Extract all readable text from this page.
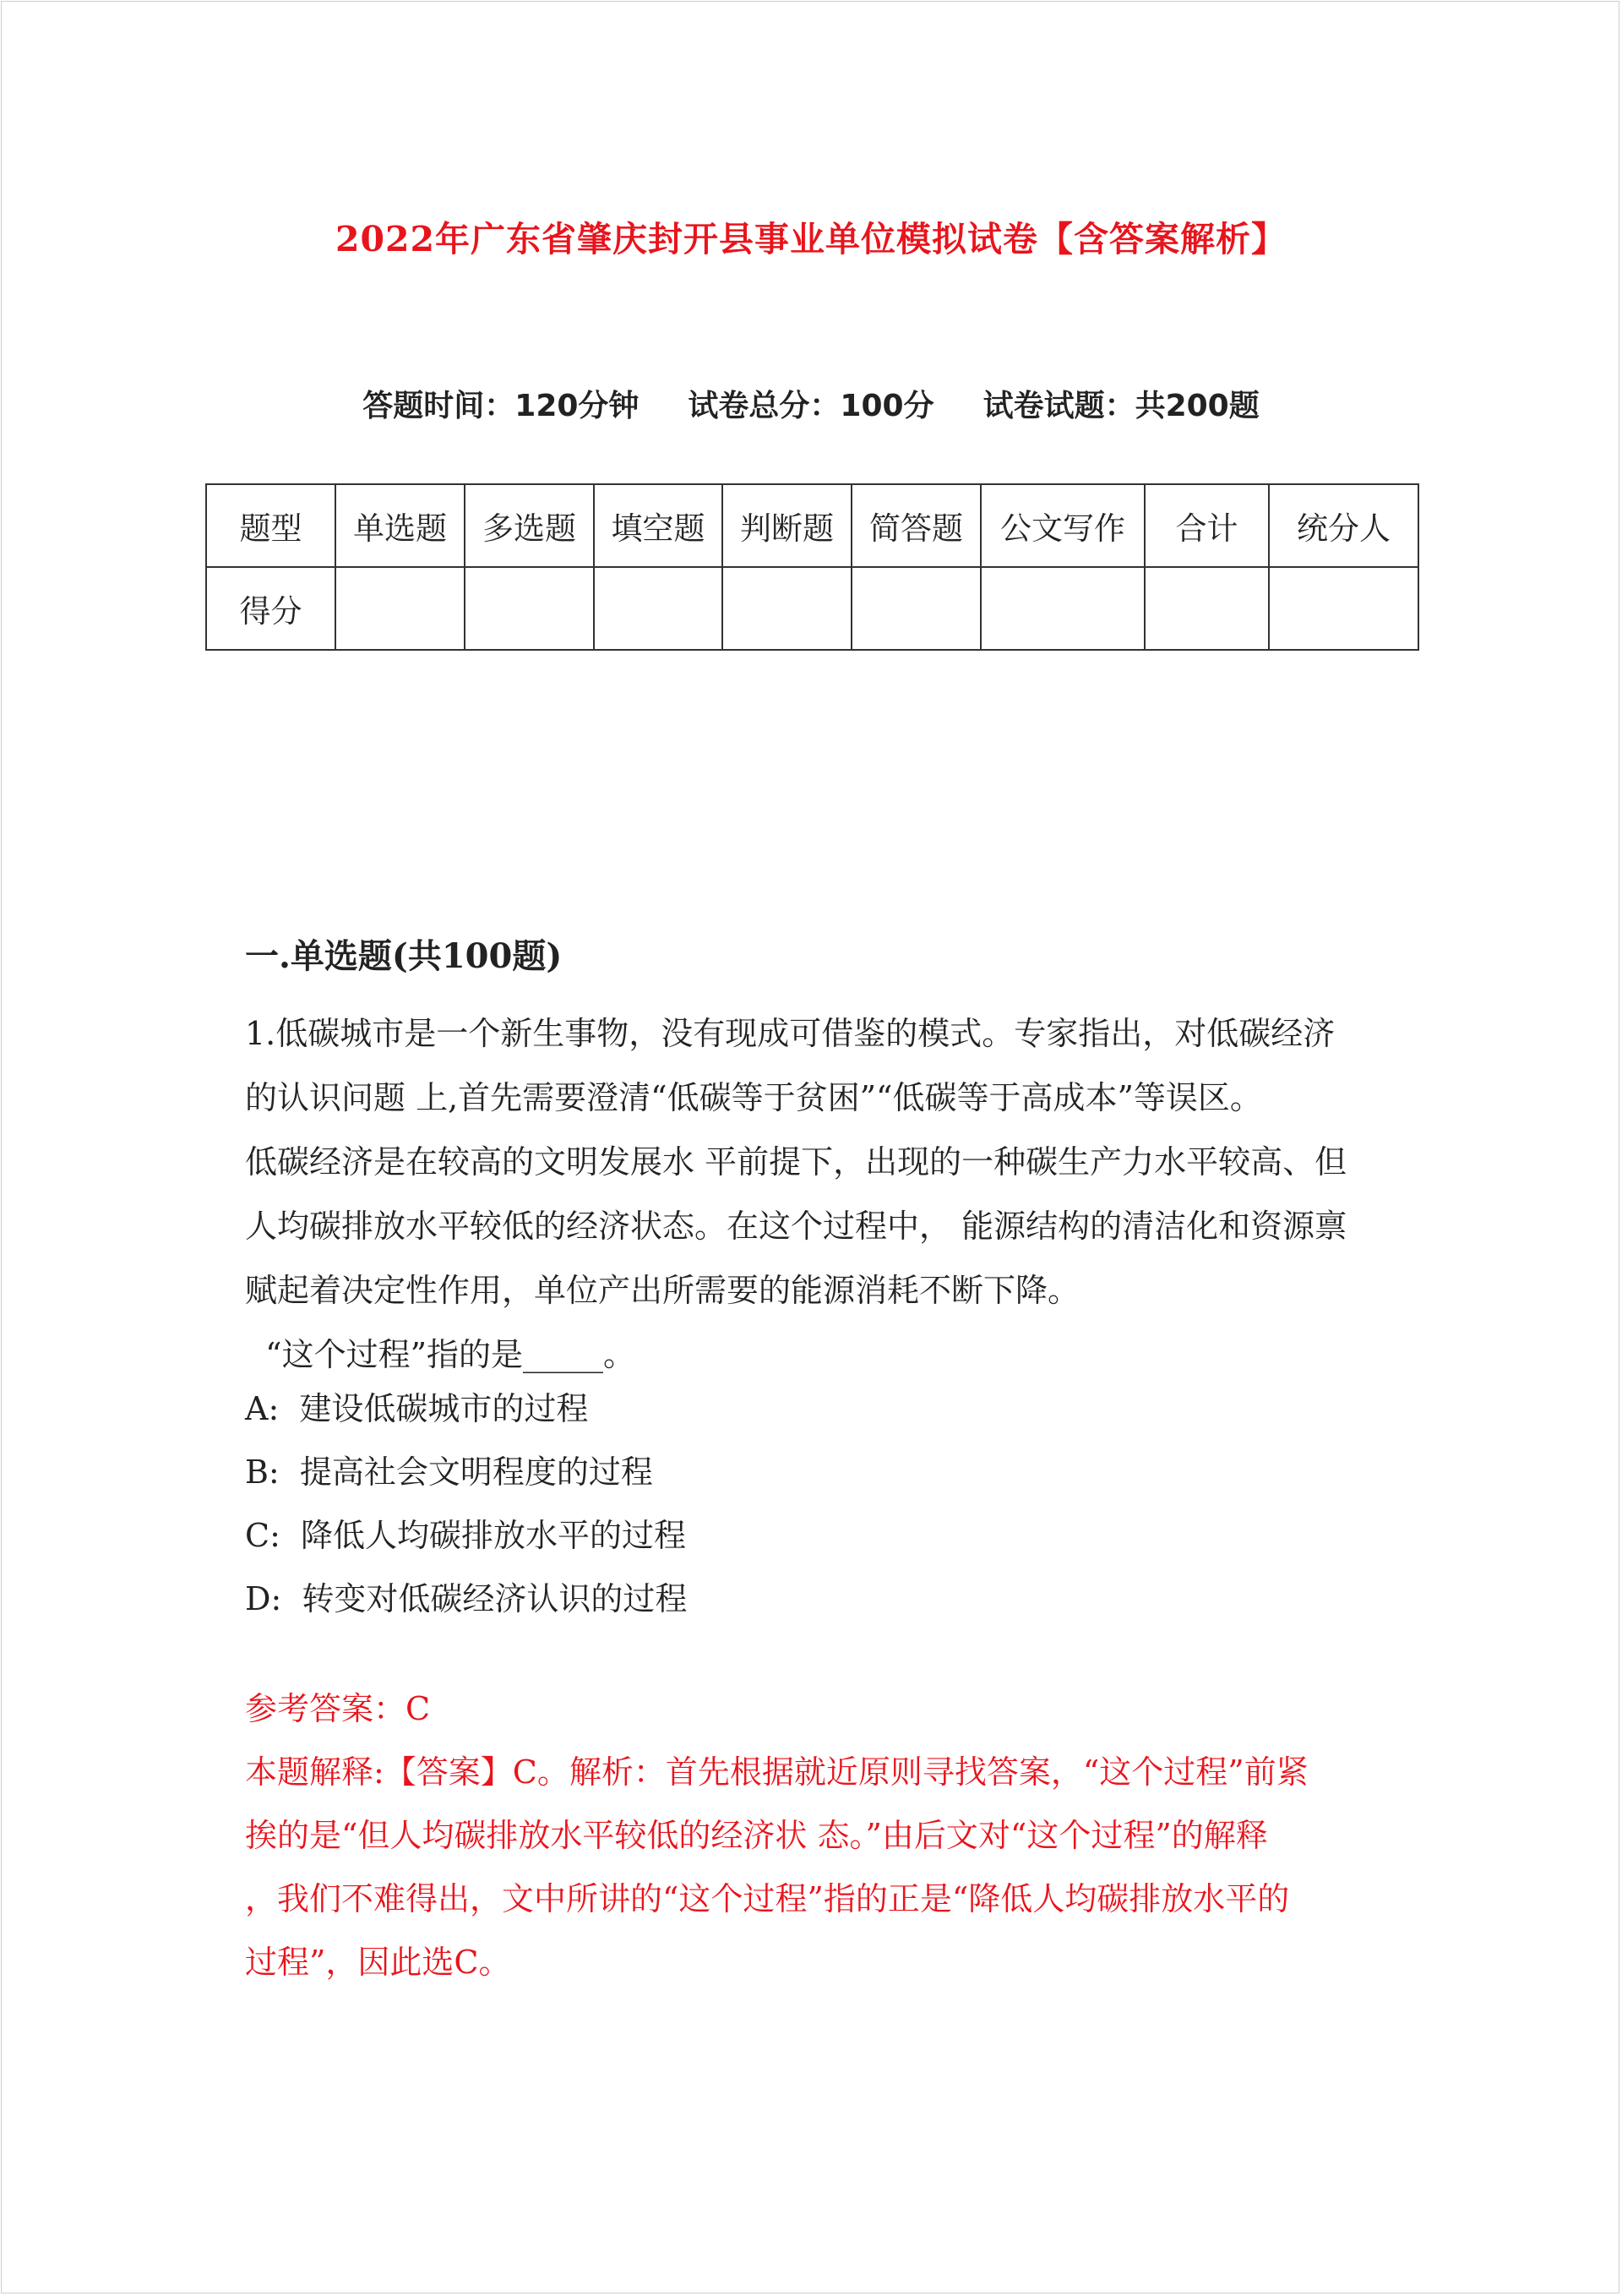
2022年广东省肇庆封开县事业单位模拟试卷【含答案解析】
答题时间：120分钟 试卷总分：100分 试卷试题：共200题
题型	单选题	多选题	填空题	判断题	简答题	公文写作	合计	统分人
得分								
一.单选题(共100题)
1.低碳城市是一个新生事物，没有现成可借鉴的模式。专家指出，对低碳经济
的认识问题 上,首先需要澄清“低碳等于贫困”“低碳等于高成本”等误区。
低碳经济是在较高的文明发展水 平前提下，出现的一种碳生产力水平较高、但
人均碳排放水平较低的经济状态。在这个过程中， 能源结构的清洁化和资源禀
赋起着决定性作用，单位产出所需要的能源消耗不断下降。
“这个过程”指的是_____。
A:  建设低碳城市的过程
B:  提高社会文明程度的过程
C:  降低人均碳排放水平的过程
D:  转变对低碳经济认识的过程
参考答案：C
本题解释:【答案】C。解析：首先根据就近原则寻找答案，“这个过程”前紧
挨的是“但人均碳排放水平较低的经济状 态。”由后文对“这个过程”的解释
，我们不难得出，文中所讲的“这个过程”指的正是“降低人均碳排放水平的
过程”，因此选C。
